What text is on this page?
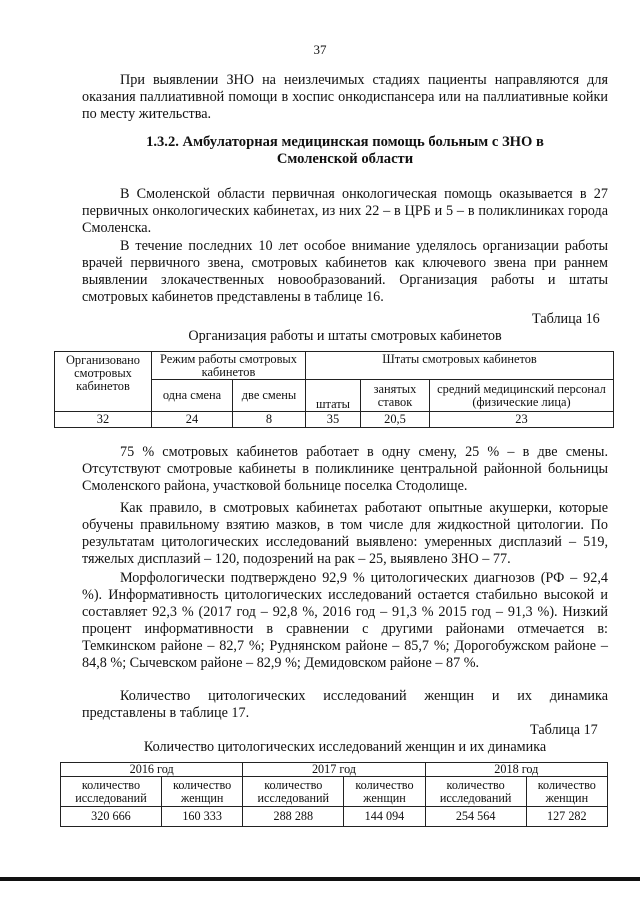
37

При выявлении ЗНО на неизлечимых стадиях пациенты направляются для оказания паллиативной помощи в хоспис онкодиспансера или на паллиативные койки по месту жительства.

1.3.2. Амбулаторная медицинская помощь больным с ЗНО в
Смоленской области

В Смоленской области первичная онкологическая помощь оказывается в 27 первичных онкологических кабинетах, из них 22 – в ЦРБ и 5 – в поликлиниках города Смоленска.

В течение последних 10 лет особое внимание уделялось организации работы врачей первичного звена, смотровых кабинетов как ключевого звена при раннем выявлении злокачественных новообразований. Организация работы и штаты смотровых кабинетов представлены в таблице 16.

Таблица 16
Организация работы и штаты смотровых кабинетов
Организовано смотровых кабинетов	Режим работы смотровых кабинетов		Штаты смотровых кабинетов		
	одна смена	две смены	штаты	занятых ставок	средний медицинский персонал (физические лица)
32	24	8	35	20,5	23

75 % смотровых кабинетов работает в одну смену, 25 % – в две смены. Отсутствуют смотровые кабинеты в поликлинике центральной районной больницы Смоленского района, участковой больнице поселка Стодолище.

Как правило, в смотровых кабинетах работают опытные акушерки, которые обучены правильному взятию мазков, в том числе для жидкостной цитологии. По результатам цитологических исследований выявлено: умеренных дисплазий – 519, тяжелых дисплазий – 120, подозрений на рак – 25, выявлено ЗНО – 77.

Морфологически подтверждено 92,9 % цитологических диагнозов (РФ – 92,4 %). Информативность цитологических исследований остается стабильно высокой и составляет 92,3 % (2017 год – 92,8 %, 2016 год – 91,3 % 2015 год – 91,3 %). Низкий процент информативности в сравнении с другими районами отмечается в: Темкинском районе – 82,7 %; Руднянском районе – 85,7 %; Дорогобужском районе – 84,8 %; Сычевском районе – 82,9 %; Демидовском районе – 87 %.

Количество цитологических исследований женщин и их динамика представлены в таблице 17.

Таблица 17
Количество цитологических исследований женщин и их динамика
2016 год		2017 год		2018 год	
количество исследований	количество женщин	количество исследований	количество женщин	количество исследований	количество женщин
320 666	160 333	288 288	144 094	254 564	127 282
